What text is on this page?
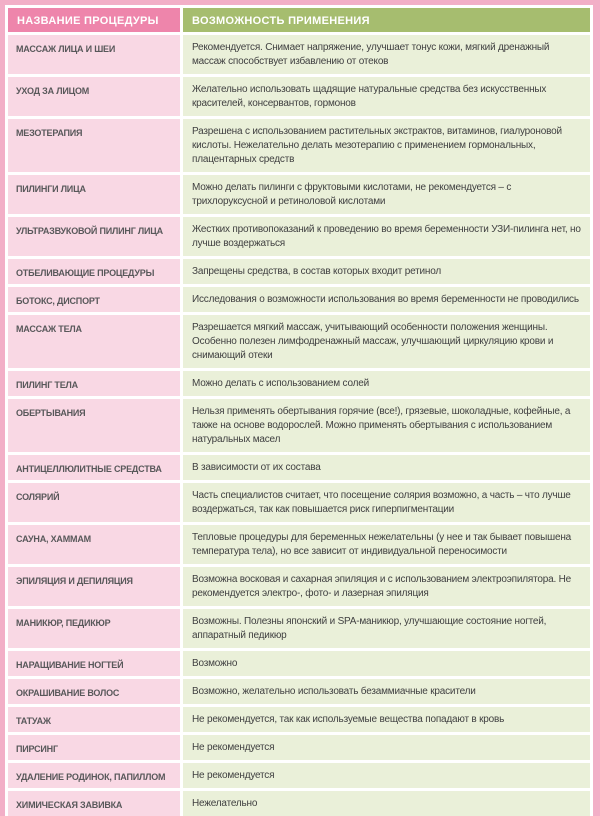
НАЗВАНИЕ ПРОЦЕДУРЫ	ВОЗМОЖНОСТЬ ПРИМЕНЕНИЯ
МАССАЖ ЛИЦА И ШЕИ	Рекомендуется. Снимает напряжение, улучшает тонус кожи, мягкий дренажный массаж способствует избавлению от отеков
УХОД ЗА ЛИЦОМ	Желательно использовать щадящие натуральные средства без искусственных красителей, консервантов, гормонов
МЕЗОТЕРАПИЯ	Разрешена с использованием растительных экстрактов, витаминов, гиалуроновой кислоты. Нежелательно делать мезотерапию с применением гормональных, плацентарных средств
ПИЛИНГИ ЛИЦА	Можно делать пилинги с фруктовыми кислотами, не рекомендуется – с трихлоруксусной и ретиноловой кислотами
УЛЬТРАЗВУКОВОЙ ПИЛИНГ ЛИЦА	Жестких противопоказаний к проведению во время беременности УЗИ-пилинга нет, но лучше воздержаться
ОТБЕЛИВАЮЩИЕ ПРОЦЕДУРЫ	Запрещены средства, в состав которых входит ретинол
БОТОКС, ДИСПОРТ	Исследования о возможности использования во время беременности не проводились
МАССАЖ ТЕЛА	Разрешается мягкий массаж, учитывающий особенности положения женщины. Особенно полезен лимфодренажный массаж, улучшающий циркуляцию крови и снимающий отеки
ПИЛИНГ ТЕЛА	Можно делать с использованием солей
ОБЕРТЫВАНИЯ	Нельзя применять обертывания горячие (все!), грязевые, шоколадные, кофейные, а также на основе водорослей. Можно применять обертывания с использованием натуральных масел
АНТИЦЕЛЛЮЛИТНЫЕ СРЕДСТВА	В зависимости от их состава
СОЛЯРИЙ	Часть специалистов считает, что посещение солярия возможно, а часть – что лучше воздержаться, так как повышается риск гиперпигментации
САУНА, ХАММАМ	Тепловые процедуры для беременных нежелательны (у нее и так бывает повышена температура тела), но все зависит от индивидуальной переносимости
ЭПИЛЯЦИЯ И ДЕПИЛЯЦИЯ	Возможна восковая и сахарная эпиляция и с использованием электроэпилятора. Не рекомендуется электро-, фото- и лазерная эпиляция
МАНИКЮР, ПЕДИКЮР	Возможны. Полезны японский и SPA-маникюр, улучшающие состояние ногтей, аппаратный педикюр
НАРАЩИВАНИЕ НОГТЕЙ	Возможно
ОКРАШИВАНИЕ ВОЛОС	Возможно, желательно использовать безаммиачные красители
ТАТУАЖ	Не рекомендуется, так как используемые вещества попадают в кровь
ПИРСИНГ	Не рекомендуется
УДАЛЕНИЕ РОДИНОК, ПАПИЛЛОМ	Не рекомендуется
ХИМИЧЕСКАЯ ЗАВИВКА	Нежелательно
